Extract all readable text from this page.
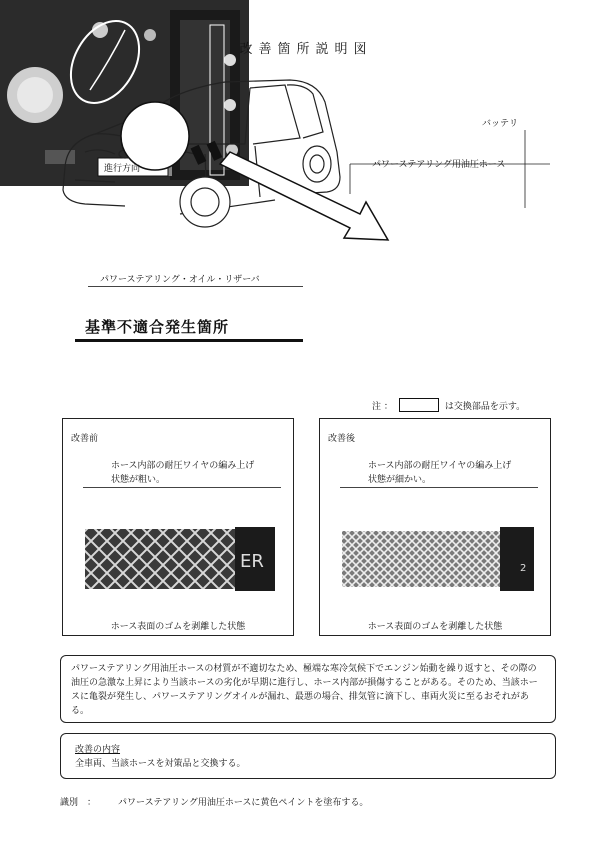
改善箇所説明図
進行方向
バッテリ
パワーステアリング用油圧ホース
パワーステアリング・オイル・リザーバ
基準不適合発生箇所
注 ：	は交換部品を示す。
改善前
ホース内部の耐圧ワイヤの編み上げ
状態が粗い。
ER
ホース表面のゴムを剥離した状態
改善後
ホース内部の耐圧ワイヤの編み上げ
状態が細かい。
2
ホース表面のゴムを剥離した状態
パワーステアリング用油圧ホースの材質が不適切なため、極端な寒冷気候下でエンジン始動を繰り返すと、その際の油圧の急激な上昇により当該ホースの劣化が早期に進行し、ホース内部が損傷することがある。そのため、当該ホースに亀裂が発生し、パワーステアリングオイルが漏れ、最悪の場合、排気管に滴下し、車両火災に至るおそれがある。
改善の内容
全車両、当該ホースを対策品と交換する。
識別　： パワーステアリング用油圧ホースに黄色ペイントを塗布する。
